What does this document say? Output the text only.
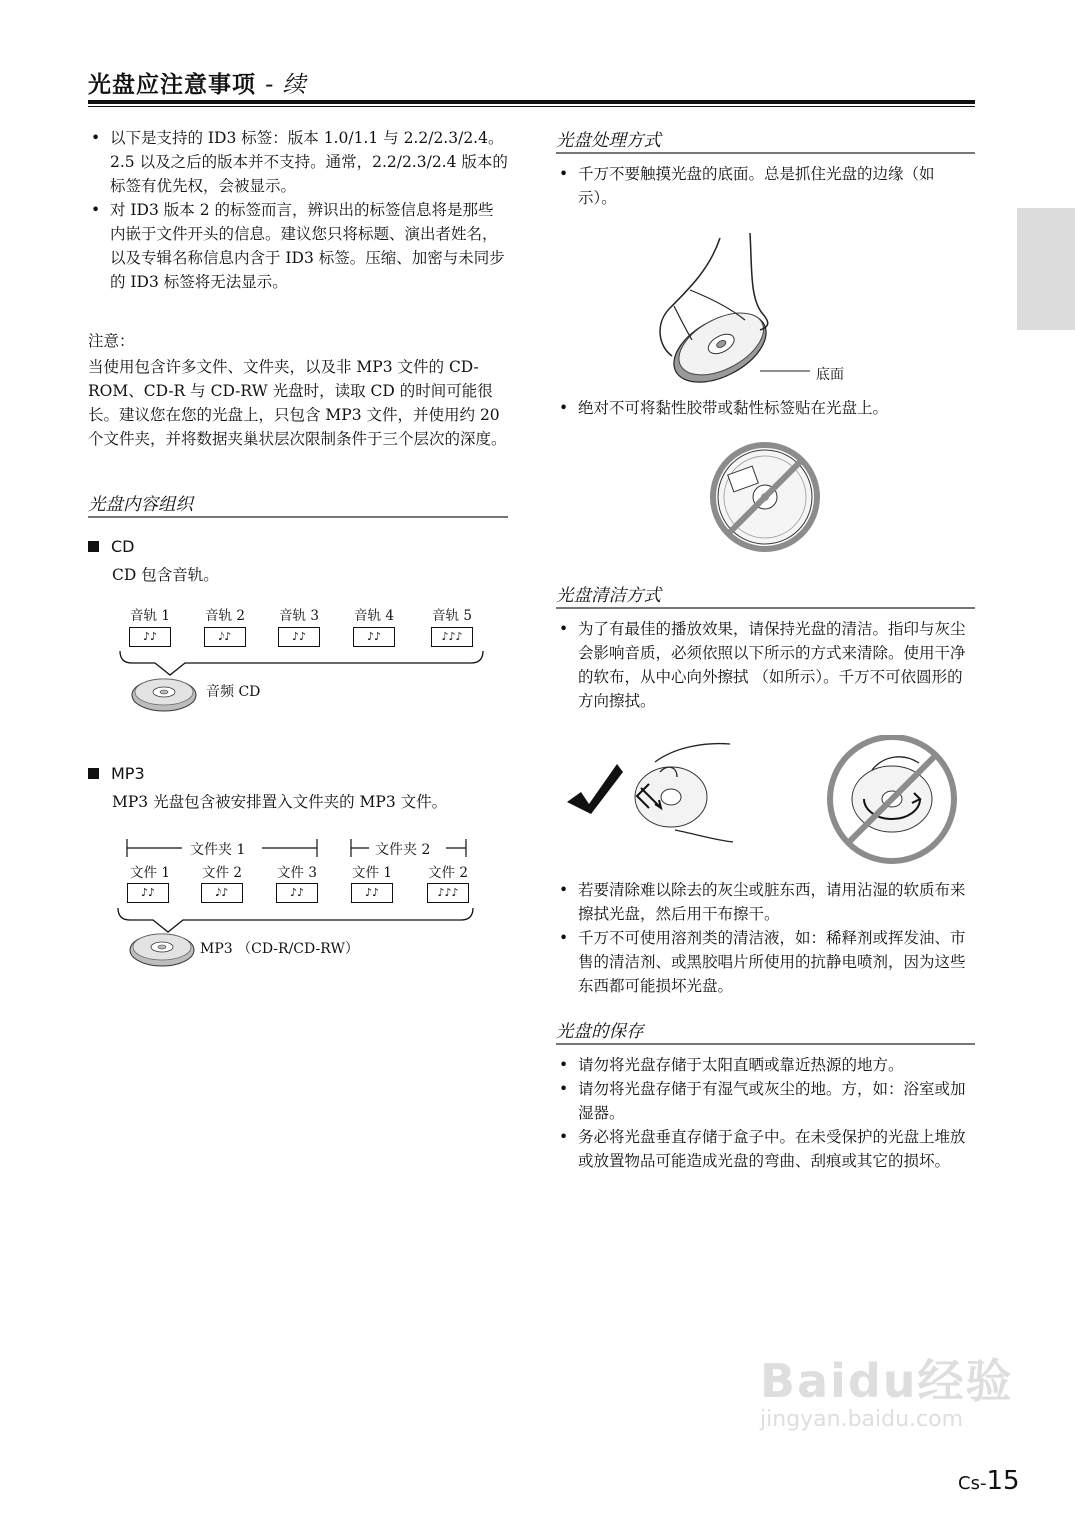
光盘应注意事项 - 续

• 以下是支持的 ID3 标签：版本 1.0/1.1 与 2.2/2.3/2.4。 2.5 以及之后的版本并不支持。通常，2.2/2.3/2.4 版本的标签有优先权，会被显示。

• 对 ID3 版本 2 的标签而言，辨识出的标签信息将是那些内嵌于文件开头的信息。建议您只将标题、演出者姓名，以及专辑名称信息内含于 ID3 标签。压缩、加密与未同步的 ID3 标签将无法显示。

注意：

当使用包含许多文件、文件夹，以及非 MP3 文件的 CD-ROM、CD-R 与 CD-RW 光盘时，读取 CD 的时间可能很长。建议您在您的光盘上，只包含 MP3 文件，并使用约 20 个文件夹，并将数据夹巢状层次限制条件于三个层次的深度。

光盘内容组织
CD
CD 包含音轨。
音轨 1	音轨 2	音轨 3	音轨 4	音轨 5
♪♪	𝅘𝅥𝅮♪	♪♪	♪♪	♪♪♪
音频 CD
MP3
MP3 光盘包含被安排置入文件夹的 MP3 文件。
文件夹 1	文件夹 2
文件 1	文件 2	文件 3	文件 1	文件 2
♪♪	𝅘𝅥𝅮♪	♪♪	♪♪	♪♪♪
MP3 （CD-R/CD-RW）
光盘处理方式

• 千万不要触摸光盘的底面。总是抓住光盘的边缘（如示）。

底面

• 绝对不可将黏性胶带或黏性标签贴在光盘上。

光盘清洁方式

• 为了有最佳的播放效果，请保持光盘的清洁。指印与灰尘会影响音质，必须依照以下所示的方式来清除。使用干净的软布，从中心向外擦拭 （如所示）。千万不可依圆形的方向擦拭。

• 若要清除难以除去的灰尘或脏东西，请用沾湿的软质布来擦拭光盘，然后用干布擦干。

• 千万不可使用溶剂类的清洁液，如：稀释剂或挥发油、市售的清洁剂、或黑胶唱片所使用的抗静电喷剂，因为这些东西都可能损坏光盘。

光盘的保存

• 请勿将光盘存储于太阳直晒或靠近热源的地方。

• 请勿将光盘存储于有湿气或灰尘的地。方，如：浴室或加湿器。

• 务必将光盘垂直存储于盒子中。在未受保护的光盘上堆放或放置物品可能造成光盘的弯曲、刮痕或其它的损坏。

Baidu经验
jingyan.baidu.com
Cs-15
